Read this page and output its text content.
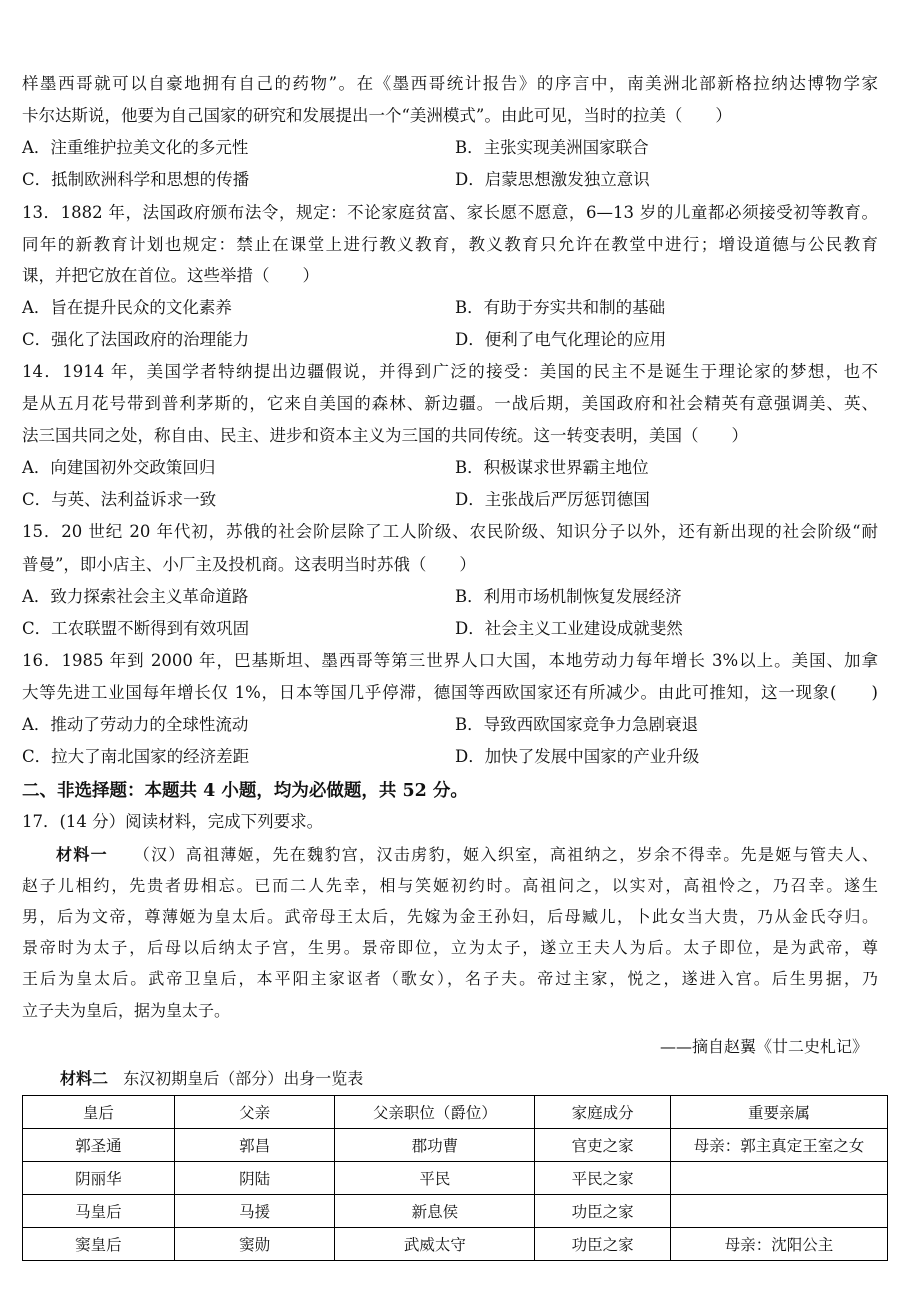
样墨西哥就可以自豪地拥有自己的药物”。在《墨西哥统计报告》的序言中，南美洲北部新格拉纳达博物学家
卡尔达斯说，他要为自己国家的研究和发展提出一个“美洲模式”。由此可见，当时的拉美（　　）
A．注重维护拉美文化的多元性	B．主张实现美洲国家联合
C．抵制欧洲科学和思想的传播	D．启蒙思想激发独立意识
13．1882 年，法国政府颁布法令，规定：不论家庭贫富、家长愿不愿意，6—13 岁的儿童都必须接受初等教育。
同年的新教育计划也规定：禁止在课堂上进行教义教育，教义教育只允许在教堂中进行；增设道德与公民教育
课，并把它放在首位。这些举措（　　）
A．旨在提升民众的文化素养	B．有助于夯实共和制的基础
C．强化了法国政府的治理能力	D．便利了电气化理论的应用
14．1914 年，美国学者特纳提出边疆假说，并得到广泛的接受：美国的民主不是诞生于理论家的梦想，也不
是从五月花号带到普利茅斯的，它来自美国的森林、新边疆。一战后期，美国政府和社会精英有意强调美、英、
法三国共同之处，称自由、民主、进步和资本主义为三国的共同传统。这一转变表明，美国（　　）
A．向建国初外交政策回归	B．积极谋求世界霸主地位
C．与英、法利益诉求一致	D．主张战后严厉惩罚德国
15．20 世纪 20 年代初，苏俄的社会阶层除了工人阶级、农民阶级、知识分子以外，还有新出现的社会阶级“耐
普曼”，即小店主、小厂主及投机商。这表明当时苏俄（　　）
A．致力探索社会主义革命道路	B．利用市场机制恢复发展经济
C．工农联盟不断得到有效巩固	D．社会主义工业建设成就斐然
16．1985 年到 2000 年，巴基斯坦、墨西哥等第三世界人口大国，本地劳动力每年增长 3%以上。美国、加拿
大等先进工业国每年增长仅 1%，日本等国几乎停滞，德国等西欧国家还有所减少。由此可推知，这一现象(　　)
A．推动了劳动力的全球性流动	B．导致西欧国家竞争力急剧衰退
C．拉大了南北国家的经济差距	D．加快了发展中国家的产业升级
二、非选择题：本题共 4 小题，均为必做题，共 52 分。
17．(14 分）阅读材料，完成下列要求。
材料一 （汉）高祖薄姬，先在魏豹宫，汉击虏豹，姬入织室，高祖纳之，岁余不得幸。先是姬与管夫人、
赵子儿相约，先贵者毋相忘。已而二人先幸，相与笑姬初约时。高祖问之，以实对，高祖怜之，乃召幸。遂生
男，后为文帝，尊薄姬为皇太后。武帝母王太后，先嫁为金王孙妇，后母臧儿，卜此女当大贵，乃从金氏夺归。
景帝时为太子，后母以后纳太子宫，生男。景帝即位，立为太子，遂立王夫人为后。太子即位，是为武帝，尊
王后为皇太后。武帝卫皇后，本平阳主家讴者（歌女），名子夫。帝过主家，悦之，遂进入宫。后生男据，乃
立子夫为皇后，据为皇太子。
——摘自赵翼《廿二史札记》
材料二 东汉初期皇后（部分）出身一览表
皇后	父亲	父亲职位（爵位）	家庭成分	重要亲属
郭圣通	郭昌	郡功曹	官吏之家	母亲：郭主真定王室之女
阴丽华	阴陆	平民	平民之家	
马皇后	马援	新息侯	功臣之家	
窦皇后	窦勋	武威太守	功臣之家	母亲：沈阳公主
